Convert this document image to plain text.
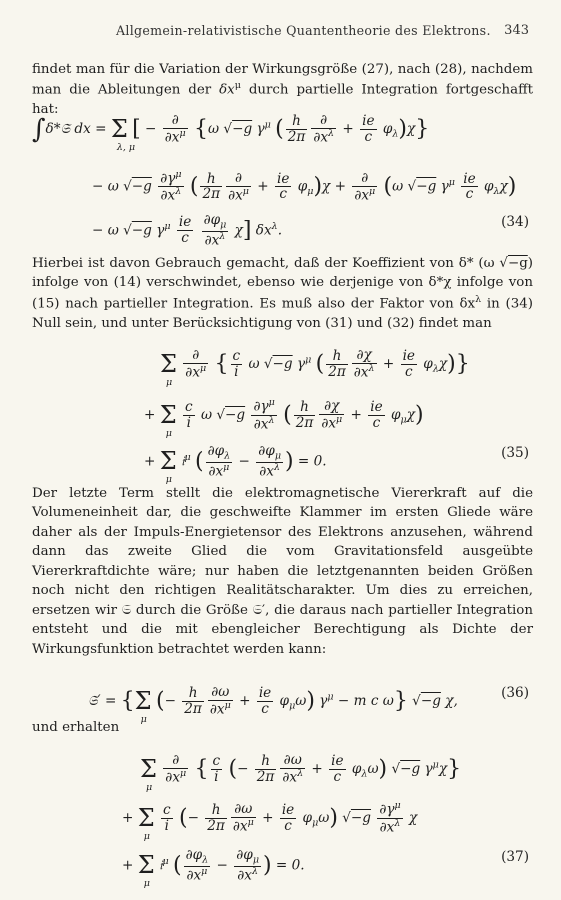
Allgemein-relativistische Quantentheorie des Elektrons. 343
findet man für die Variation der Wirkungsgröße (27), nach (28), nachdem man die Ableitungen der $\delta x^\mu$ durch partielle Integration fortgeschafft hat:
∫δ*𝔖 dx = Σ
λ, μ
[ − $\frac{\partial}{\partial x^\mu} \{\omega$ √−g $\gamma^\mu$ ( $\frac{h}{2\pi} \frac{\partial}{\partial x^\lambda} + \frac{ie}{c} \varphi_\lambda)\chi$}
− ω $√-g \frac{\partial\gamma^\mu}{\partial x^\lambda}$ ( $\frac{h}{2\pi} \frac{\partial}{\partial x^\mu} + \frac{ie}{c} \varphi_\mu)\chi + \frac{\partial}{\partial x^\mu} (\omega$ √−g $\gamma^\mu \frac{ie}{c} \varphi_\lambda\chi$)
− ω √−g $\gamma^\mu \frac{ie}{c}$
$\frac{\partial\varphi_\mu}{\partial x^\lambda} \chi$] $\delta x^\lambda$.
(34)
Hierbei ist davon Gebrauch gemacht, daß der Koeffizient von δ* (ω √−g) infolge von (14) verschwindet, ebenso wie derjenige von δ*χ infolge von (15) nach partieller Integration. Es muß also der Faktor von $\delta x^\lambda$ in (34) Null sein, und unter Berücksichtigung von (31) und (32) findet man
Σ
μ

$\frac{\partial}{\partial x^\mu}$ { $\frac{c}{i}$ ω √−g $\gamma^\mu$ ( $\frac{h}{2\pi} \frac{\partial\chi}{\partial x^\lambda} + \frac{ie}{c} \varphi_\lambda\chi$)}
+ Σ
μ

$\frac{c}{i}$ ω $√-g \frac{\partial\gamma^\mu}{\partial x^\lambda}$ ( $\frac{h}{2\pi} \frac{\partial\chi}{\partial x^\mu} + \frac{ie}{c} \varphi_\mu\chi$)
+ Σ
μ
𝔦$^\mu$ ( $\frac{\partial\varphi_\lambda}{\partial x^\mu} - \frac{\partial\varphi_\mu}{\partial x^\lambda}$ ) = 0.
(35)
Der letzte Term stellt die elektromagnetische Viererkraft auf die Volumeneinheit dar, die geschweifte Klammer im ersten Gliede wäre daher als der Impuls-Energietensor des Elektrons anzusehen, während dann das zweite Glied die vom Gravitationsfeld ausgeübte Viererkraftdichte wäre; nur haben die letztgenannten beiden Größen noch nicht den richtigen Realitätscharakter. Um dies zu erreichen, ersetzen wir 𝔖 durch die Größe 𝔖′, die daraus nach partieller Integration entsteht und die mit ebengleicher Berechtigung als Dichte der Wirkungsfunktion betrachtet werden kann:
𝔖′ = {Σ
μ
(− $\frac{h}{2\pi} \frac{\partial\omega}{\partial x^\mu} + \frac{ie}{c} \varphi_\mu\omega$) $\gamma^\mu - m$ c ω} √−g χ,	(36)
und erhalten
Σ
μ

$\frac{\partial}{\partial x^\mu}$ { $\frac{c}{i}$ (− $\frac{h}{2\pi} \frac{\partial\omega}{\partial x^\lambda} + \frac{ie}{c} \varphi_\lambda\omega$) √−g $\gamma^\mu\chi$}
+ Σ
μ

$\frac{c}{i}$ (− $\frac{h}{2\pi} \frac{\partial\omega}{\partial x^\mu} + \frac{ie}{c} \varphi_\mu\omega$) $√-g \frac{\partial\gamma^\mu}{\partial x^\lambda}$ χ
+ Σ
μ
𝔦$^\mu$ ( $\frac{\partial\varphi_\lambda}{\partial x^\mu} - \frac{\partial\varphi_\mu}{\partial x^\lambda}$ ) = 0.
(37)
